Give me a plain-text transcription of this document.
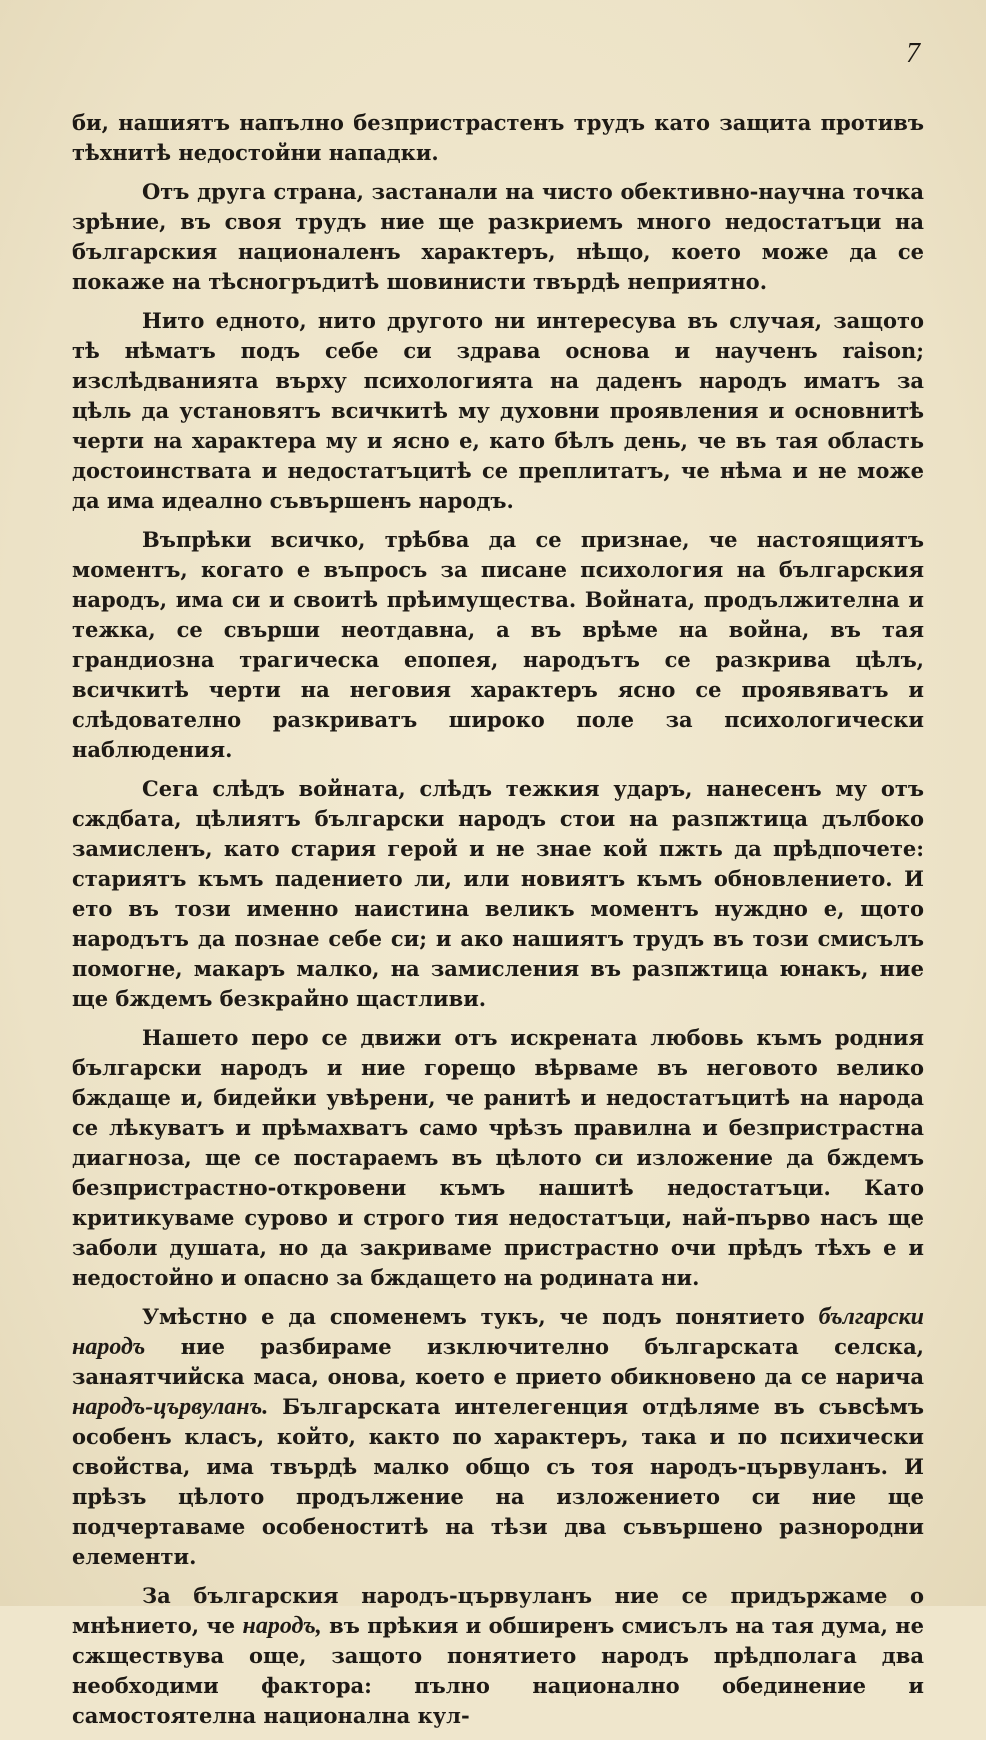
7

би, нашиятъ напълно безпристрастенъ трудъ като защита противъ тѣхнитѣ недостойни нападки.

Отъ друга страна, застанали на чисто обективно-научна точка зрѣние, въ своя трудъ ние ще разкриемъ много недостатъци на българския националенъ характеръ, нѣщо, което може да се покаже на тѣсногръдитѣ шовинисти твърдѣ неприятно.

Нито едното, нито другото ни интересува въ случая, защото тѣ нѣматъ подъ себе си здрава основа и наученъ raison; изслѣдванията върху психологията на даденъ народъ иматъ за цѣль да установятъ всичкитѣ му духовни проявления и основнитѣ черти на характера му и ясно е, като бѣлъ день, че въ тая область достоинствата и недостатъцитѣ се преплитатъ, че нѣма и не може да има идеално съвършенъ народъ.

Въпрѣки всичко, трѣбва да се признае, че настоящиятъ моментъ, когато е въпросъ за писане психология на българския народъ, има си и своитѣ прѣимущества. Войната, продължителна и тежка, се свърши неотдавна, а въ врѣме на война, въ тая грандиозна трагическа епопея, народътъ се разкрива цѣлъ, всичкитѣ черти на неговия характеръ ясно се проявяватъ и слѣдователно разкриватъ широко поле за психологически наблюдения.

Сега слѣдъ войната, слѣдъ тежкия ударъ, нанесенъ му отъ сждбата, цѣлиятъ български народъ стои на разпжтица дълбоко замисленъ, като стария герой и не знае кой пжть да прѣдпочете: стариятъ къмъ падението ли, или новиятъ къмъ обновлението. И ето въ този именно наистина великъ моментъ нуждно е, щото народътъ да познае себе си; и ако нашиятъ трудъ въ този смисълъ помогне, макаръ малко, на замисления въ разпжтица юнакъ, ние ще бждемъ безкрайно щастливи.

Нашето перо се движи отъ искрената любовь къмъ родния български народъ и ние горещо вѣрваме въ неговото велико бждаще и, бидейки увѣрени, че ранитѣ и недостатъцитѣ на народа се лѣкуватъ и прѣмахватъ само чрѣзъ правилна и безпристрастна диагноза, ще се постараемъ въ цѣлото си изложение да бждемъ безпристрастно-откровени къмъ нашитѣ недостатъци. Като критикуваме сурово и строго тия недостатъци, най-първо насъ ще заболи душата, но да закриваме пристрастно очи прѣдъ тѣхъ е и недостойно и опасно за бждащето на родината ни.

Умѣстно е да споменемъ тукъ, че подъ понятието български народъ ние разбираме изключително българската селска, занаятчийска маса, онова, което е прието обикновено да се нарича народъ-цървуланъ. Българската интелегенция отдѣляме въ съвсѣмъ особенъ класъ, който, както по характеръ, така и по психически свойства, има твърдѣ малко общо съ тоя народъ-цървуланъ. И прѣзъ цѣлото продължение на изложението си ние ще подчертаваме особеноститѣ на тѣзи два съвършено разнородни елементи.

За българския народъ-цървуланъ ние се придържаме о мнѣнието, че народъ, въ прѣкия и обширенъ смисълъ на тая дума, не сжществува още, защото понятието народъ прѣдполага два необходими фактора: пълно национално обединение и самостоятелна национална кул-
